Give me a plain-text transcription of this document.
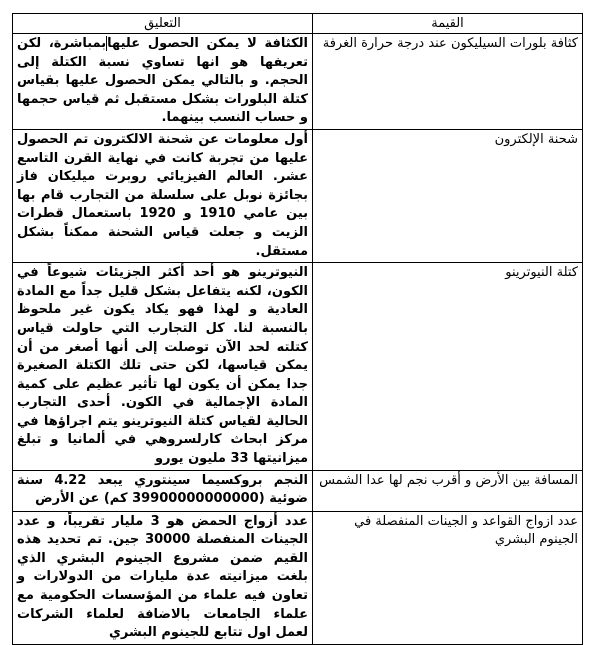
القيمة	التعليق
كثافة بلورات السيليكون عند درجة حرارة الغرفة	الكثافة لا يمكن الحصول عليهابمباشرة، لكن تعريفها هو انها تساوي نسبة الكتلة إلى الحجم. و بالتالي يمكن الحصول عليها بقياس كتلة البلورات بشكل مستقبل ثم قياس حجمها و حساب النسب بينهما.
شحنة الإلكترون	أول معلومات عن شحنة الالكترون تم الحصول عليها من تجربة كانت في نهاية القرن التاسع عشر. العالم الفيزيائي روبرت ميليكان فاز بجائزة نوبل على سلسلة من التجارب قام بها بين عامي 1910 و 1920 باستعمال قطرات الزيت و جعلت قياس الشحنة ممكناً بشكل مستقل.
كتلة النيوترينو	النيوترينو هو أحد أكثر الجزيئات شيوعاً في الكون، لكنه يتفاعل بشكل قليل جداً مع المادة العادية و لهذا فهو يكاد يكون غير ملحوظ بالنسبة لنا. كل التجارب التي حاولت قياس كتلته لحد الآن توصلت إلى أنها أصغر من أن يمكن قياسها، لكن حتى تلك الكتلة الصغيرة جدا يمكن أن يكون لها تأثير عظيم على كمية المادة الإجمالية في الكون. أحدى التجارب الحالية لقياس كتلة النيوترينو يتم اجراؤها في مركز ابحاث كارلسروهي في ألمانيا و تبلغ ميزانيتها 33 مليون يورو
المسافة بين الأرض و أقرب نجم لها عدا الشمس	النجم بروكسيما سينتوري يبعد 4.22 سنة ضوئية (39900000000000 كم) عن الأرض
عدد ازواج القواعد و الجينات المنفصلة في الجينوم البشري	عدد أزواج الحمض هو 3 مليار تقريباً، و عدد الجينات المنفصلة 30000 جين. تم تحديد هذه القيم ضمن مشروع الجينوم البشري الذي بلغت ميزانيته عدة مليارات من الدولارات و تعاون فيه علماء من المؤسسات الحكومية مع علماء الجامعات بالاضافة لعلماء الشركات لعمل اول تتابع للجينوم البشري
